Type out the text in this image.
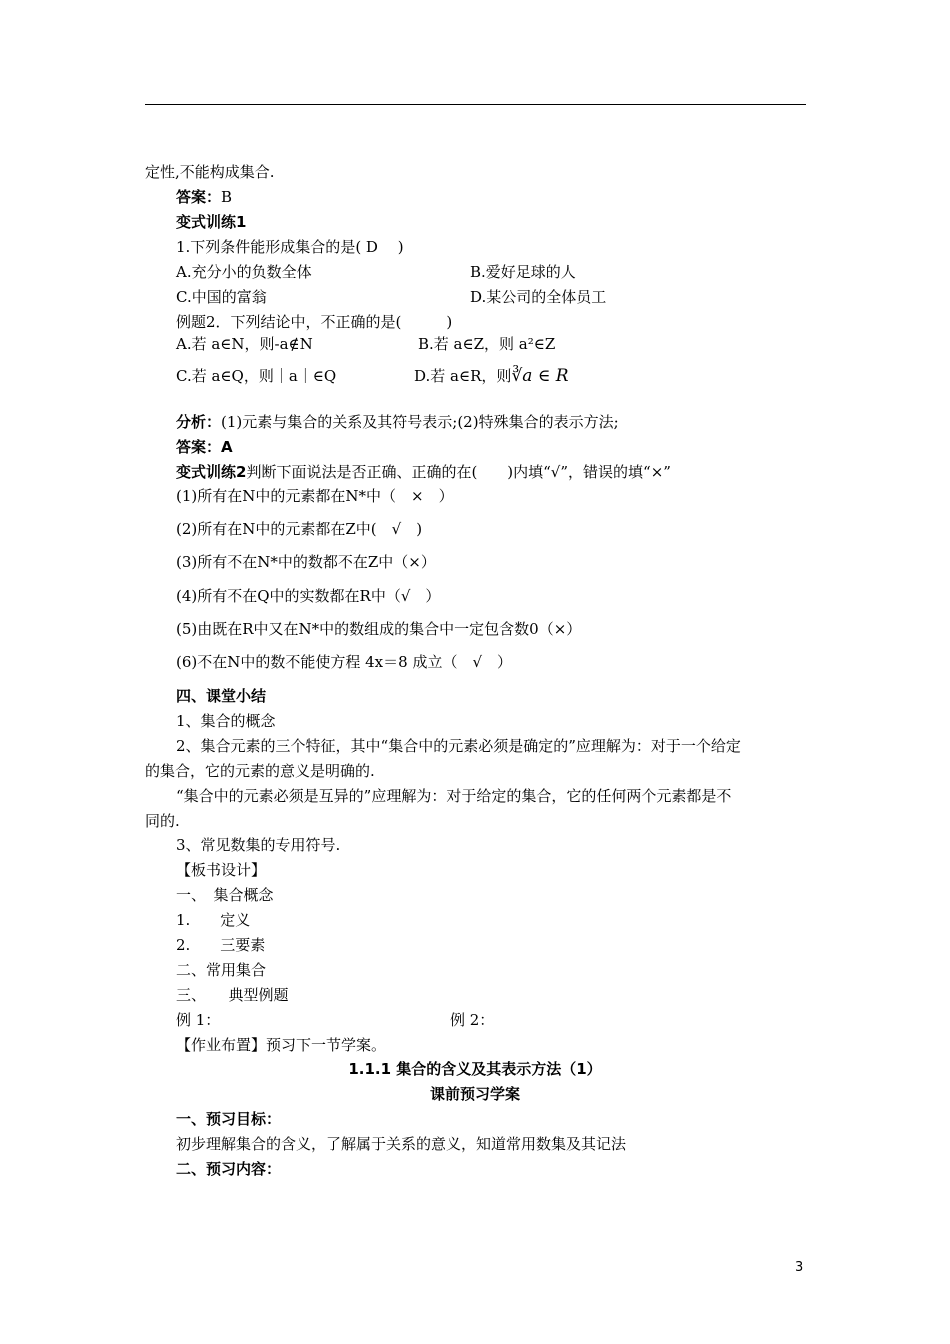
定性,不能构成集合.
答案：B
变式训练1
1.下列条件能形成集合的是( D　 )
A.充分小的负数全体	B.爱好足球的人
C.中国的富翁	D.某公司的全体员工
例题2．下列结论中，不正确的是(　　　)
A.若 a∈N，则-a∉N	B.若 a∈Z，则 a²∈Z
C.若 a∈Q，则｜a｜∈Q	D.若 a∈R，则∛a ∈ R
分析：(1)元素与集合的关系及其符号表示;(2)特殊集合的表示方法;
答案：A
变式训练2判断下面说法是否正确、正确的在(　　)内填“√”，错误的填“×”
(1)所有在N中的元素都在N*中（　×　）
(2)所有在N中的元素都在Z中(　√　)
(3)所有不在N*中的数都不在Z中（×）
(4)所有不在Q中的实数都在R中（√　）
(5)由既在R中又在N*中的数组成的集合中一定包含数0（×）
(6)不在N中的数不能使方程 4x＝8 成立（　√　）
四、课堂小结
1、集合的概念
2、集合元素的三个特征，其中“集合中的元素必须是确定的”应理解为：对于一个给定
的集合，它的元素的意义是明确的.
“集合中的元素必须是互异的”应理解为：对于给定的集合，它的任何两个元素都是不
同的.
3、常见数集的专用符号.
【板书设计】
一、　集合概念
1.　　定义
2.　　三要素
二、常用集合
三、　　典型例题
例 1：	例 2：
【作业布置】预习下一节学案。
1.1.1 集合的含义及其表示方法（1）
课前预习学案
一、预习目标：
初步理解集合的含义，了解属于关系的意义，知道常用数集及其记法
二、预习内容：
3
